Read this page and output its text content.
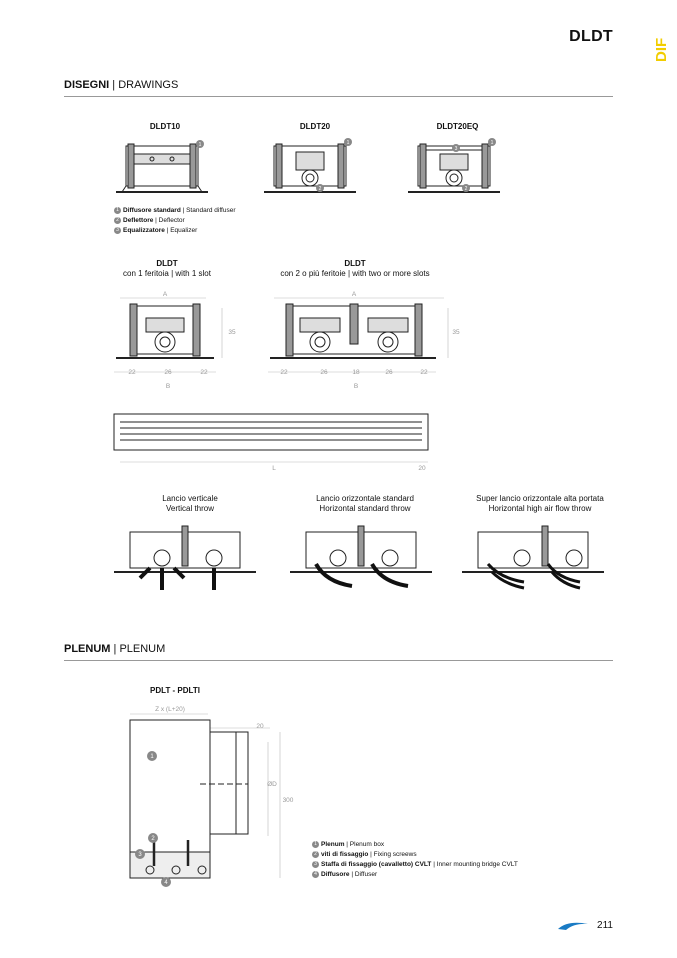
DLDT
DIF
DISEGNI | DRAWINGS
DLDT10	DLDT20	DLDT20EQ
1	1
2
1
3
2
1 Diffusore standard | Standard diffuser
2 Deflettore | Deflector
3 Equalizzatore | Equalizer
DLDT
con 1 feritoia | with 1 slot
DLDT
con 2 o più feritoie | with two or more slots
A
35
22	26	22
B
A
35
22	26	18	26	22
B
L	20
Lancio verticale
Vertical throw
Lancio orizzontale standard
Horizontal standard throw
Super lancio orizzontale alta portata
Horizontal high air flow throw
PLENUM | PLENUM
PDLT - PDLTI
Z x (L+20)
20
ØD
300
1
2
3
4
1 Plenum | Plenum box
2 viti di fissaggio | Fixing screews
3 Staffa di fissaggio (cavalletto) CVLT | Inner mounting bridge CVLT
4 Diffusore | Diffuser
211
